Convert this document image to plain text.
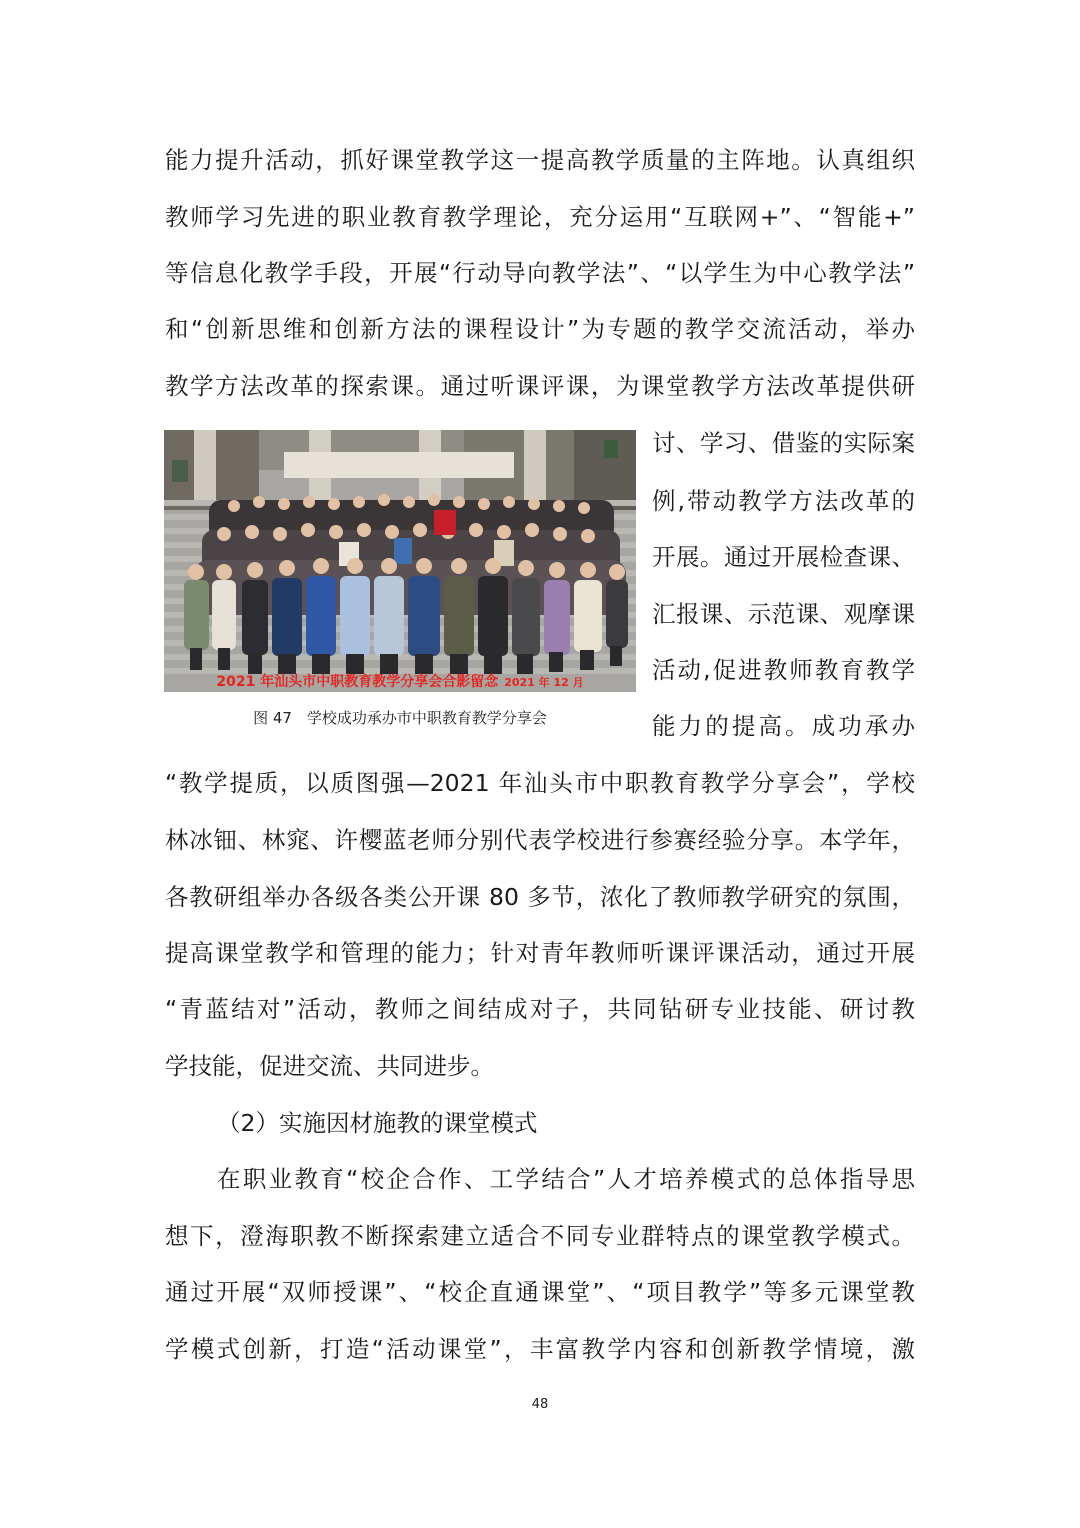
能力提升活动，抓好课堂教学这一提高教学质量的主阵地。认真组织
教师学习先进的职业教育教学理论，充分运用“互联网+”、“智能+”
等信息化教学手段，开展“行动导向教学法”、“以学生为中心教学法”
和“创新思维和创新方法的课程设计”为专题的教学交流活动，举办
教学方法改革的探索课。通过听课评课，为课堂教学方法改革提供研
讨、学习、借鉴的实际案
例,带动教学方法改革的
开展。通过开展检查课、
汇报课、示范课、观摩课
活动,促进教师教育教学
能力的提高。成功承办
2021 年汕头市中职教育教学分享会合影留念 2021 年 12 月
图 47　学校成功承办市中职教育教学分享会
“教学提质，以质图强—2021 年汕头市中职教育教学分享会”，学校
林冰钿、林窕、许樱蓝老师分别代表学校进行参赛经验分享。本学年，
各教研组举办各级各类公开课 80 多节，浓化了教师教学研究的氛围，
提高课堂教学和管理的能力；针对青年教师听课评课活动，通过开展
“青蓝结对”活动，教师之间结成对子，共同钻研专业技能、研讨教
学技能，促进交流、共同进步。
（2）实施因材施教的课堂模式
在职业教育“校企合作、工学结合”人才培养模式的总体指导思
想下，澄海职教不断探索建立适合不同专业群特点的课堂教学模式。
通过开展“双师授课”、“校企直通课堂”、“项目教学”等多元课堂教
学模式创新，打造“活动课堂”，丰富教学内容和创新教学情境，激
48
